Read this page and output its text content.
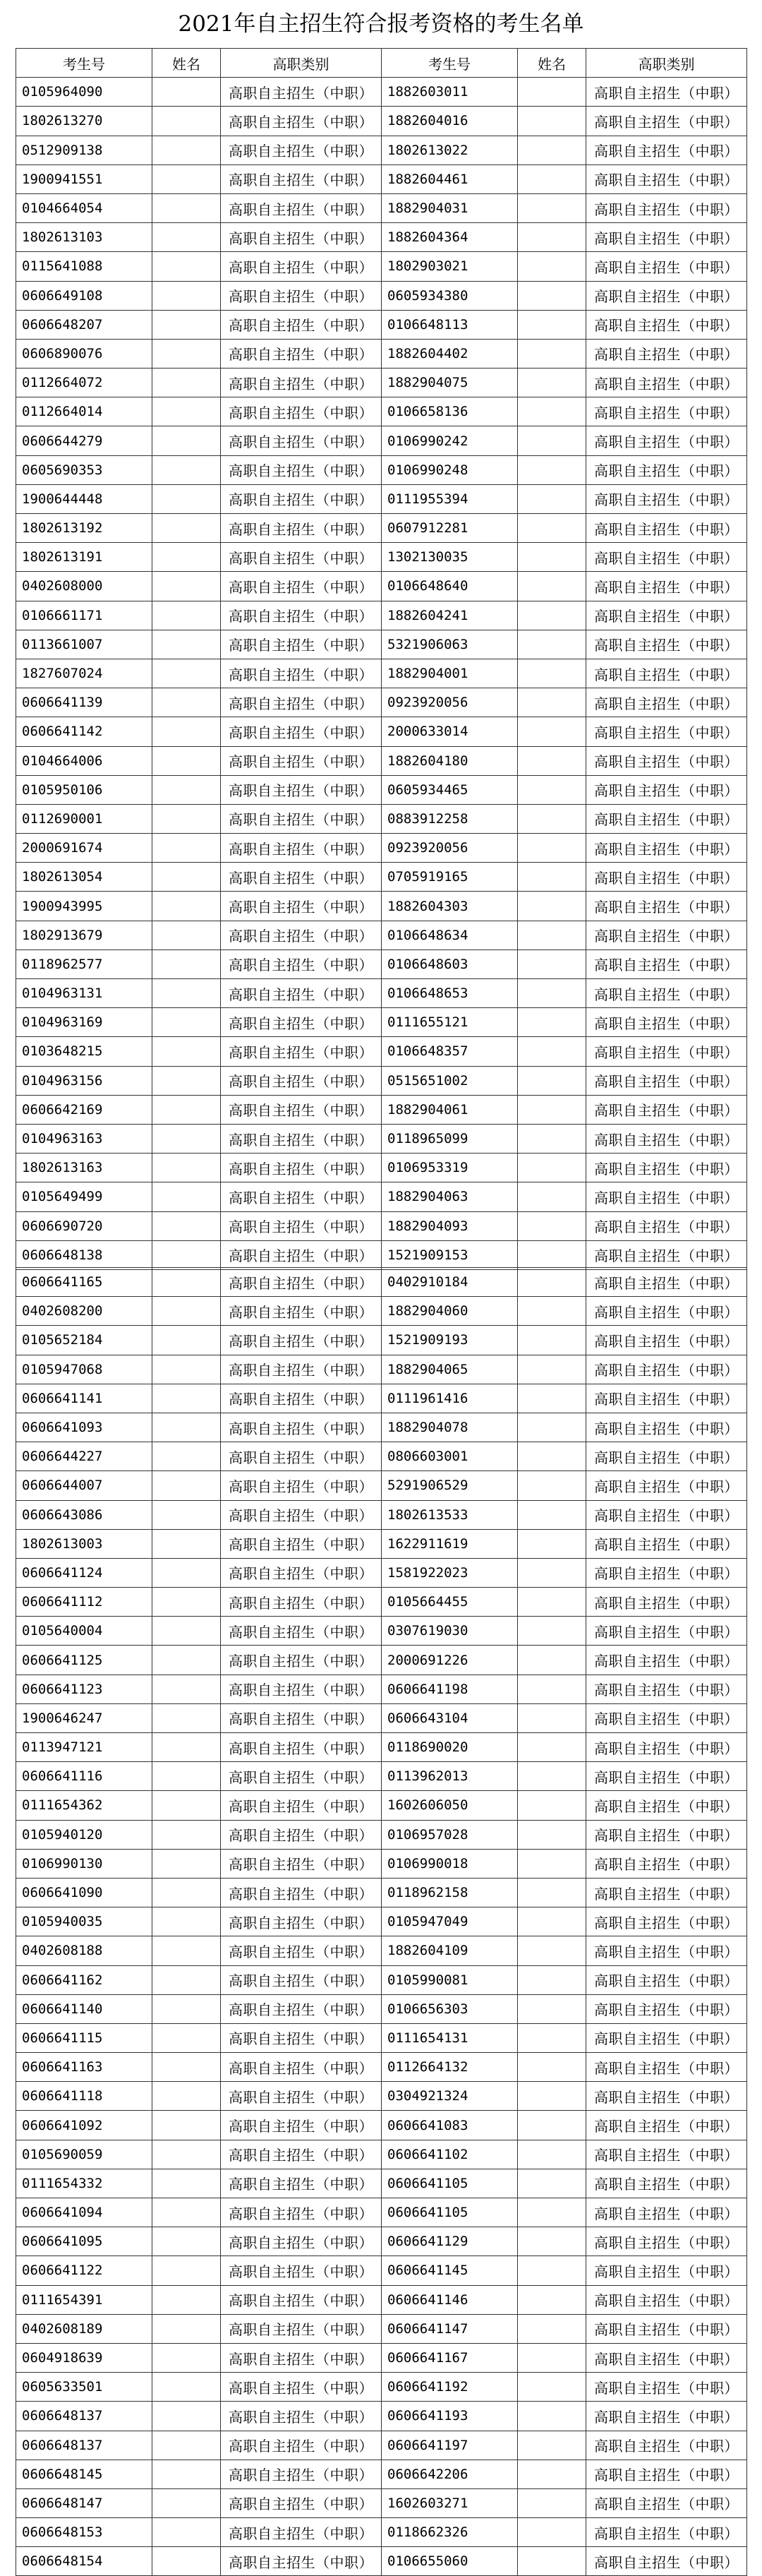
2021年自主招生符合报考资格的考生名单
考生号	姓名	高职类别	考生号	姓名	高职类别
0105964090		高职自主招生（中职）	1882603011		高职自主招生（中职）
1802613270		高职自主招生（中职）	1882604016		高职自主招生（中职）
0512909138		高职自主招生（中职）	1802613022		高职自主招生（中职）
1900941551		高职自主招生（中职）	1882604461		高职自主招生（中职）
0104664054		高职自主招生（中职）	1882904031		高职自主招生（中职）
1802613103		高职自主招生（中职）	1882604364		高职自主招生（中职）
0115641088		高职自主招生（中职）	1802903021		高职自主招生（中职）
0606649108		高职自主招生（中职）	0605934380		高职自主招生（中职）
0606648207		高职自主招生（中职）	0106648113		高职自主招生（中职）
0606890076		高职自主招生（中职）	1882604402		高职自主招生（中职）
0112664072		高职自主招生（中职）	1882904075		高职自主招生（中职）
0112664014		高职自主招生（中职）	0106658136		高职自主招生（中职）
0606644279		高职自主招生（中职）	0106990242		高职自主招生（中职）
0605690353		高职自主招生（中职）	0106990248		高职自主招生（中职）
1900644448		高职自主招生（中职）	0111955394		高职自主招生（中职）
1802613192		高职自主招生（中职）	0607912281		高职自主招生（中职）
1802613191		高职自主招生（中职）	1302130035		高职自主招生（中职）
0402608000		高职自主招生（中职）	0106648640		高职自主招生（中职）
0106661171		高职自主招生（中职）	1882604241		高职自主招生（中职）
0113661007		高职自主招生（中职）	5321906063		高职自主招生（中职）
1827607024		高职自主招生（中职）	1882904001		高职自主招生（中职）
0606641139		高职自主招生（中职）	0923920056		高职自主招生（中职）
0606641142		高职自主招生（中职）	2000633014		高职自主招生（中职）
0104664006		高职自主招生（中职）	1882604180		高职自主招生（中职）
0105950106		高职自主招生（中职）	0605934465		高职自主招生（中职）
0112690001		高职自主招生（中职）	0883912258		高职自主招生（中职）
2000691674		高职自主招生（中职）	0923920056		高职自主招生（中职）
1802613054		高职自主招生（中职）	0705919165		高职自主招生（中职）
1900943995		高职自主招生（中职）	1882604303		高职自主招生（中职）
1802913679		高职自主招生（中职）	0106648634		高职自主招生（中职）
0118962577		高职自主招生（中职）	0106648603		高职自主招生（中职）
0104963131		高职自主招生（中职）	0106648653		高职自主招生（中职）
0104963169		高职自主招生（中职）	0111655121		高职自主招生（中职）
0103648215		高职自主招生（中职）	0106648357		高职自主招生（中职）
0104963156		高职自主招生（中职）	0515651002		高职自主招生（中职）
0606642169		高职自主招生（中职）	1882904061		高职自主招生（中职）
0104963163		高职自主招生（中职）	0118965099		高职自主招生（中职）
1802613163		高职自主招生（中职）	0106953319		高职自主招生（中职）
0105649499		高职自主招生（中职）	1882904063		高职自主招生（中职）
0606690720		高职自主招生（中职）	1882904093		高职自主招生（中职）
0606648138		高职自主招生（中职）	1521909153		高职自主招生（中职）
0606641165		高职自主招生（中职）	0402910184		高职自主招生（中职）
0402608200		高职自主招生（中职）	1882904060		高职自主招生（中职）
0105652184		高职自主招生（中职）	1521909193		高职自主招生（中职）
0105947068		高职自主招生（中职）	1882904065		高职自主招生（中职）
0606641141		高职自主招生（中职）	0111961416		高职自主招生（中职）
0606641093		高职自主招生（中职）	1882904078		高职自主招生（中职）
0606644227		高职自主招生（中职）	0806603001		高职自主招生（中职）
0606644007		高职自主招生（中职）	5291906529		高职自主招生（中职）
0606643086		高职自主招生（中职）	1802613533		高职自主招生（中职）
1802613003		高职自主招生（中职）	1622911619		高职自主招生（中职）
0606641124		高职自主招生（中职）	1581922023		高职自主招生（中职）
0606641112		高职自主招生（中职）	0105664455		高职自主招生（中职）
0105640004		高职自主招生（中职）	0307619030		高职自主招生（中职）
0606641125		高职自主招生（中职）	2000691226		高职自主招生（中职）
0606641123		高职自主招生（中职）	0606641198		高职自主招生（中职）
1900646247		高职自主招生（中职）	0606643104		高职自主招生（中职）
0113947121		高职自主招生（中职）	0118690020		高职自主招生（中职）
0606641116		高职自主招生（中职）	0113962013		高职自主招生（中职）
0111654362		高职自主招生（中职）	1602606050		高职自主招生（中职）
0105940120		高职自主招生（中职）	0106957028		高职自主招生（中职）
0106990130		高职自主招生（中职）	0106990018		高职自主招生（中职）
0606641090		高职自主招生（中职）	0118962158		高职自主招生（中职）
0105940035		高职自主招生（中职）	0105947049		高职自主招生（中职）
0402608188		高职自主招生（中职）	1882604109		高职自主招生（中职）
0606641162		高职自主招生（中职）	0105990081		高职自主招生（中职）
0606641140		高职自主招生（中职）	0106656303		高职自主招生（中职）
0606641115		高职自主招生（中职）	0111654131		高职自主招生（中职）
0606641163		高职自主招生（中职）	0112664132		高职自主招生（中职）
0606641118		高职自主招生（中职）	0304921324		高职自主招生（中职）
0606641092		高职自主招生（中职）	0606641083		高职自主招生（中职）
0105690059		高职自主招生（中职）	0606641102		高职自主招生（中职）
0111654332		高职自主招生（中职）	0606641105		高职自主招生（中职）
0606641094		高职自主招生（中职）	0606641105		高职自主招生（中职）
0606641095		高职自主招生（中职）	0606641129		高职自主招生（中职）
0606641122		高职自主招生（中职）	0606641145		高职自主招生（中职）
0111654391		高职自主招生（中职）	0606641146		高职自主招生（中职）
0402608189		高职自主招生（中职）	0606641147		高职自主招生（中职）
0604918639		高职自主招生（中职）	0606641167		高职自主招生（中职）
0605633501		高职自主招生（中职）	0606641192		高职自主招生（中职）
0606648137		高职自主招生（中职）	0606641193		高职自主招生（中职）
0606648137		高职自主招生（中职）	0606641197		高职自主招生（中职）
0606648145		高职自主招生（中职）	0606642206		高职自主招生（中职）
0606648147		高职自主招生（中职）	1602603271		高职自主招生（中职）
0606648153		高职自主招生（中职）	0118662326		高职自主招生（中职）
0606648154		高职自主招生（中职）	0106655060		高职自主招生（中职）
